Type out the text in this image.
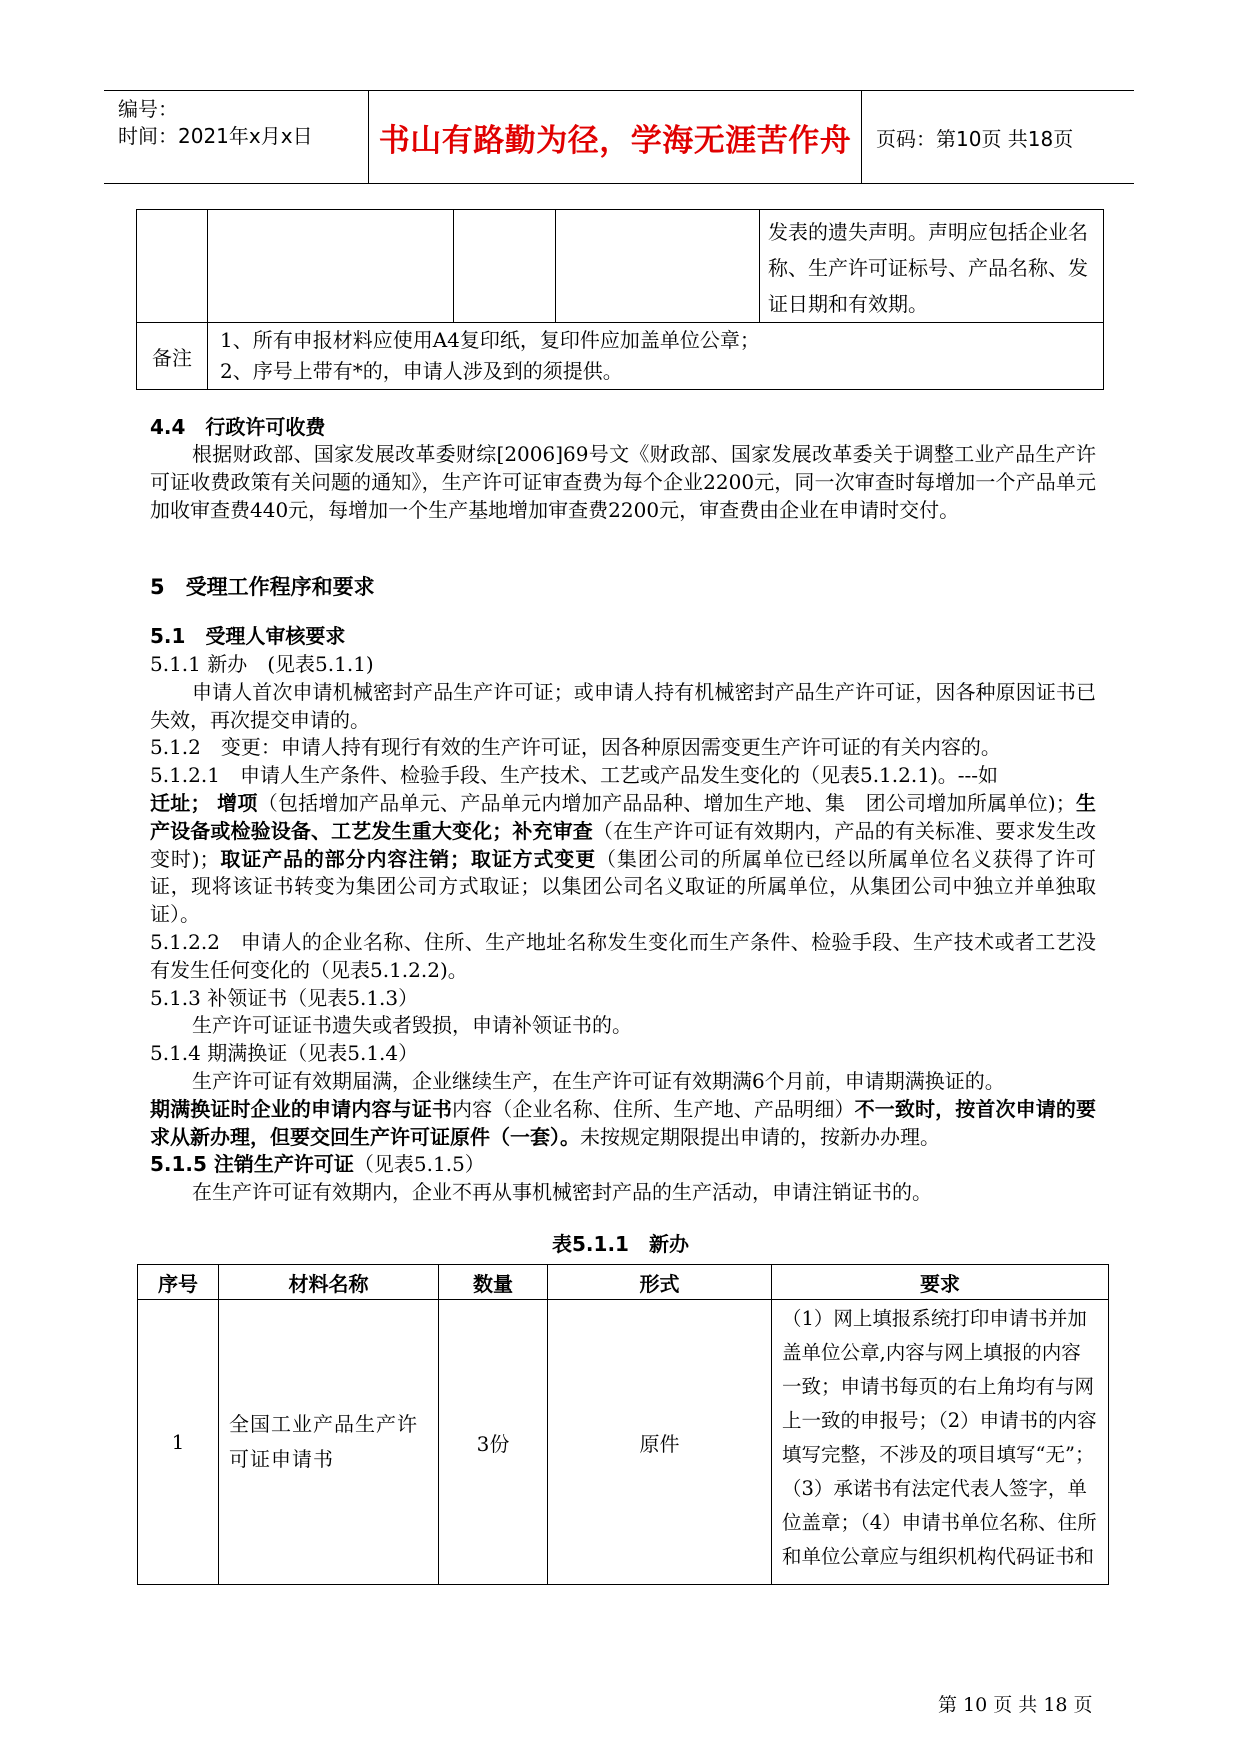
编号：
时间：2021年x月x日 书山有路勤为径，学海无涯苦作舟	页码：第10页 共18页
				发表的遗失声明。声明应包括企业名称、生产许可证标号、产品名称、发证日期和有效期。
备注	1、所有申报材料应使用A4复印纸，复印件应加盖单位公章；
2、序号上带有*的，申请人涉及到的须提供。			
4.4　行政许可收费
根据财政部、国家发展改革委财综[2006]69号文《财政部、国家发展改革委关于调整工业产品生产许可证收费政策有关问题的通知》，生产许可证审查费为每个企业2200元，同一次审查时每增加一个产品单元加收审查费440元，每增加一个生产基地增加审查费2200元，审查费由企业在申请时交付。
5　受理工作程序和要求
5.1　受理人审核要求
5.1.1 新办　(见表5.1.1)
申请人首次申请机械密封产品生产许可证；或申请人持有机械密封产品生产许可证，因各种原因证书已失效，再次提交申请的。
5.1.2　变更：申请人持有现行有效的生产许可证，因各种原因需变更生产许可证的有关内容的。
5.1.2.1　申请人生产条件、检验手段、生产技术、工艺或产品发生变化的（见表5.1.2.1)。---如
迁址； 增项（包括增加产品单元、产品单元内增加产品品种、增加生产地、集　团公司增加所属单位)；生产设备或检验设备、工艺发生重大变化；补充审查（在生产许可证有效期内，产品的有关标准、要求发生改变时)；取证产品的部分内容注销；取证方式变更（集团公司的所属单位已经以所属单位名义获得了许可证，现将该证书转变为集团公司方式取证；以集团公司名义取证的所属单位，从集团公司中独立并单独取证）。
5.1.2.2　申请人的企业名称、住所、生产地址名称发生变化而生产条件、检验手段、生产技术或者工艺没有发生任何变化的（见表5.1.2.2)。
5.1.3 补领证书（见表5.1.3）
生产许可证证书遗失或者毁损，申请补领证书的。
5.1.4 期满换证（见表5.1.4）
生产许可证有效期届满，企业继续生产，在生产许可证有效期满6个月前，申请期满换证的。
期满换证时企业的申请内容与证书内容（企业名称、住所、生产地、产品明细）不一致时，按首次申请的要求从新办理，但要交回生产许可证原件（一套）。未按规定期限提出申请的，按新办办理。
5.1.5 注销生产许可证（见表5.1.5）
在生产许可证有效期内，企业不再从事机械密封产品的生产活动，申请注销证书的。
表5.1.1　新办
序号	材料名称	数量	形式	要求
1	全国工业产品生产许可证申请书	3份	原件	（1）网上填报系统打印申请书并加盖单位公章,内容与网上填报的内容一致；申请书每页的右上角均有与网上一致的申报号；（2）申请书的内容填写完整，不涉及的项目填写“无”；（3）承诺书有法定代表人签字，单位盖章；（4）申请书单位名称、住所和单位公章应与组织机构代码证书和
第 10 页 共 18 页
